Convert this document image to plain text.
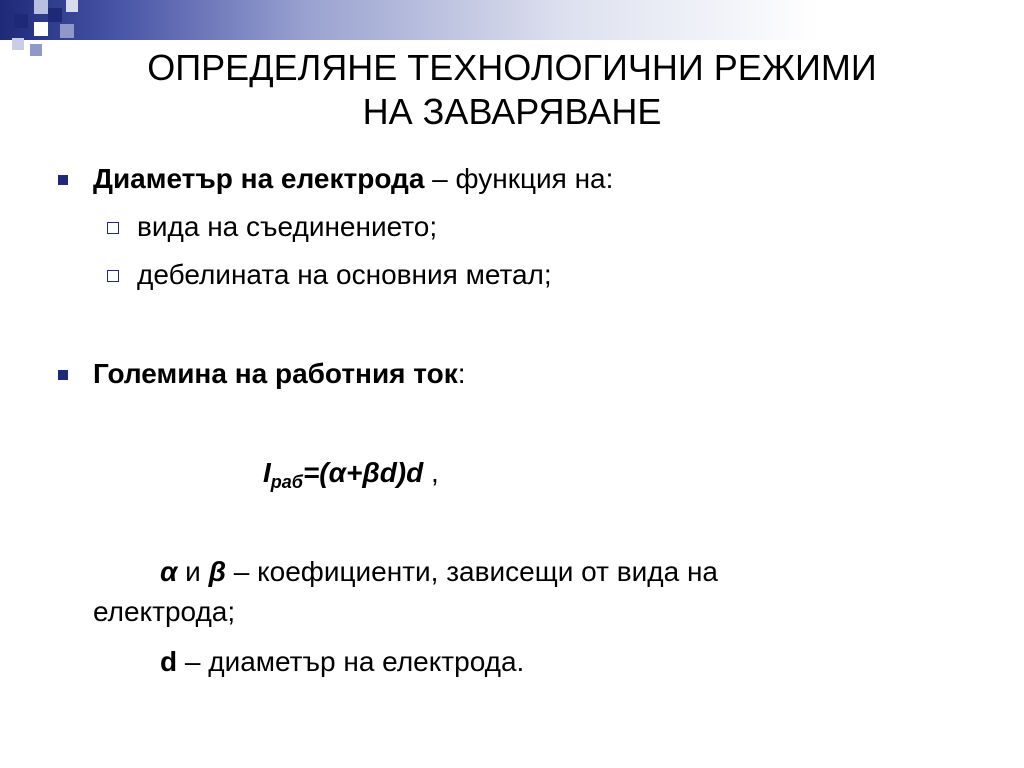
ОПРЕДЕЛЯНЕ ТЕХНОЛОГИЧНИ РЕЖИМИ
НА ЗАВАРЯВАНЕ
Диаметър на електрода – функция на:
вида на съединението;
дебелината на основния метал;
Големина на работния ток:
$I_{раб}=(\alpha+\beta d)d$ ,
α и β – коефициенти, зависещи от вида на
електрода;
d – диаметър на електрода.
